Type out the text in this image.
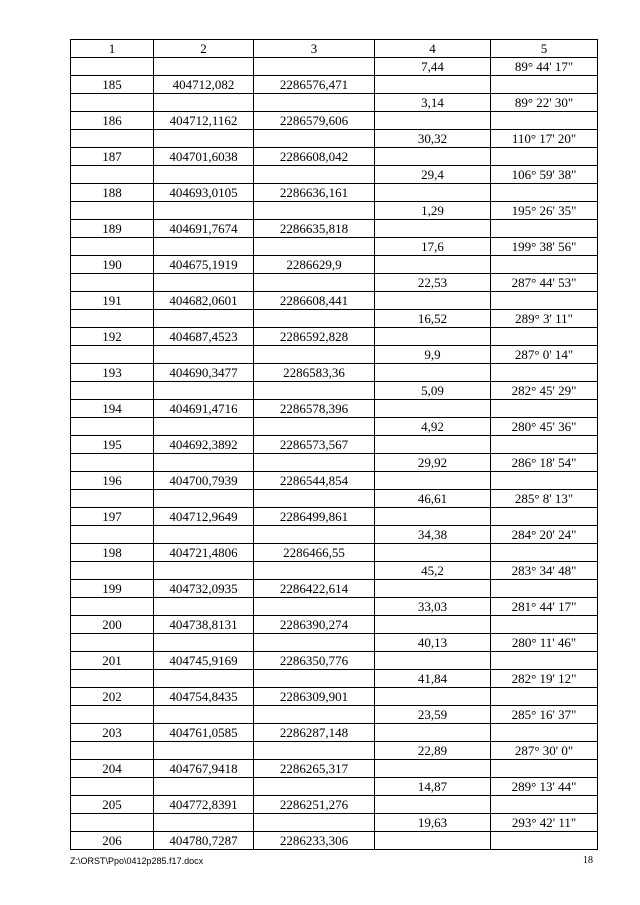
1	2	3	4	5
			7,44	89° 44' 17"
185	404712,082	2286576,471		
			3,14	89° 22' 30"
186	404712,1162	2286579,606		
			30,32	110° 17' 20"
187	404701,6038	2286608,042		
			29,4	106° 59' 38"
188	404693,0105	2286636,161		
			1,29	195° 26' 35"
189	404691,7674	2286635,818		
			17,6	199° 38' 56"
190	404675,1919	2286629,9		
			22,53	287° 44' 53"
191	404682,0601	2286608,441		
			16,52	289° 3' 11"
192	404687,4523	2286592,828		
			9,9	287° 0' 14"
193	404690,3477	2286583,36		
			5,09	282° 45' 29"
194	404691,4716	2286578,396		
			4,92	280° 45' 36"
195	404692,3892	2286573,567		
			29,92	286° 18' 54"
196	404700,7939	2286544,854		
			46,61	285° 8' 13"
197	404712,9649	2286499,861		
			34,38	284° 20' 24"
198	404721,4806	2286466,55		
			45,2	283° 34' 48"
199	404732,0935	2286422,614		
			33,03	281° 44' 17"
200	404738,8131	2286390,274		
			40,13	280° 11' 46"
201	404745,9169	2286350,776		
			41,84	282° 19' 12"
202	404754,8435	2286309,901		
			23,59	285° 16' 37"
203	404761,0585	2286287,148		
			22,89	287° 30' 0"
204	404767,9418	2286265,317		
			14,87	289° 13' 44"
205	404772,8391	2286251,276		
			19,63	293° 42' 11"
206	404780,7287	2286233,306		
Z:\ORST\Ppo\0412p285.f17.docx	18
